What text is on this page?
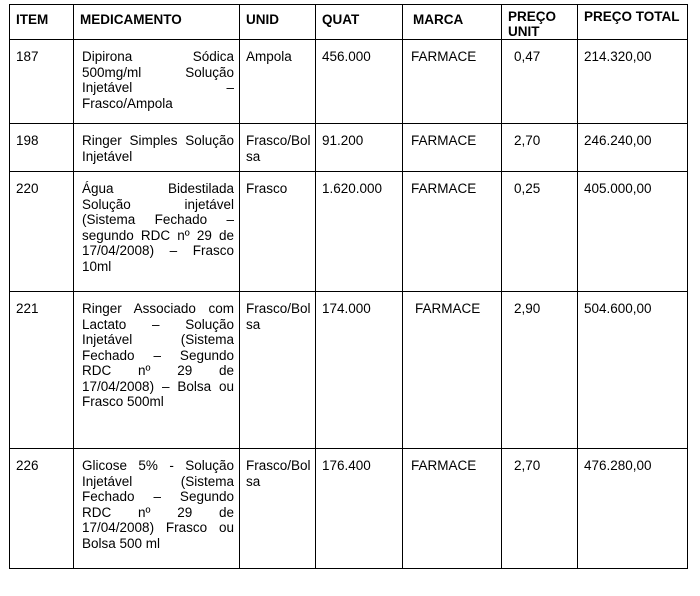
ITEM	MEDICAMENTO	UNID	QUAT	MARCA	PREÇO UNIT	PREÇO TOTAL
187	Dipirona Sódica 500mg/ml Solução Injetável – Frasco/Ampola	Ampola	456.000	FARMACE	0,47	214.320,00
198	Ringer Simples Solução Injetável	Frasco/Bolsa	91.200	FARMACE	2,70	246.240,00
220	Água Bidestilada Solução injetável (Sistema Fechado – segundo RDC nº 29 de 17/04/2008) – Frasco 10ml	Frasco	1.620.000	FARMACE	0,25	405.000,00
221	Ringer Associado com Lactato – Solução Injetável (Sistema Fechado – Segundo RDC nº 29 de 17/04/2008) – Bolsa ou Frasco 500ml	Frasco/Bolsa	174.000	FARMACE	2,90	504.600,00
226	Glicose 5% - Solução Injetável (Sistema Fechado – Segundo RDC nº 29 de 17/04/2008) Frasco ou Bolsa 500 ml	Frasco/Bolsa	176.400	FARMACE	2,70	476.280,00
